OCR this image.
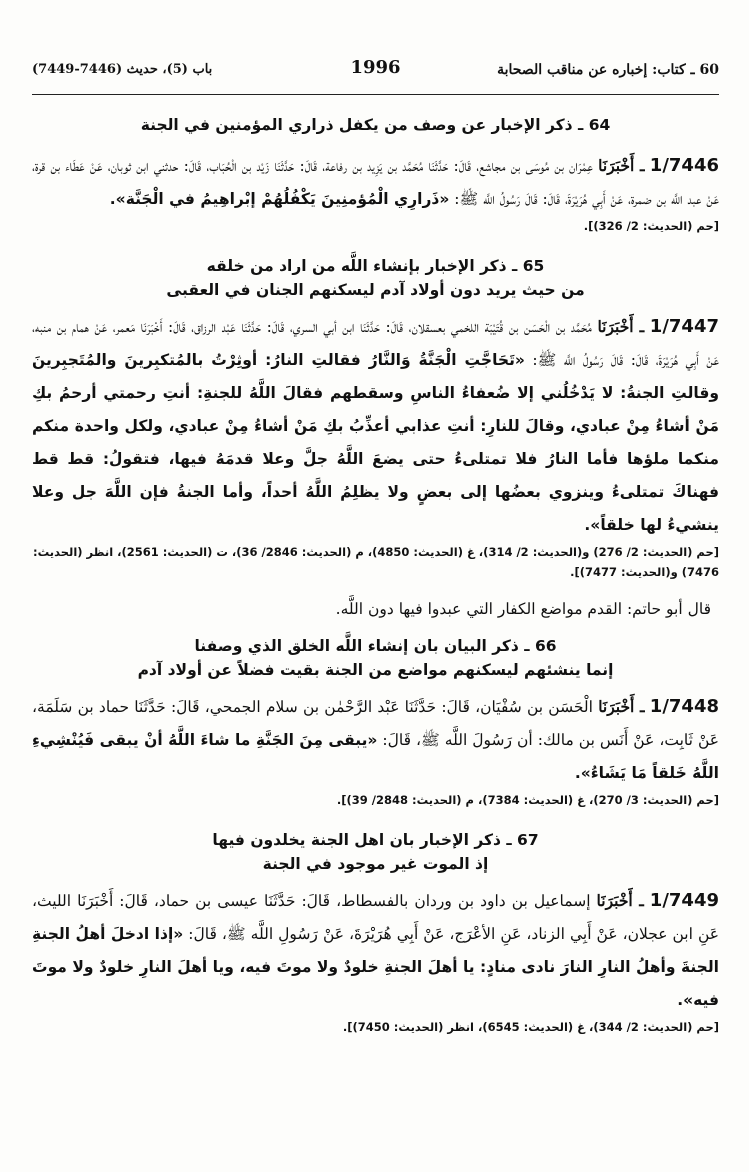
60 ـ كتاب: إخباره عن مناقب الصحابة
1996
باب (5)، حديث (7446-7449)

64 ـ ذكر الإخبار عن وصف من يكفل ذراري المؤمنين في الجنة

1/7446 ـ أَخْبَرَنَا عِمْرَان بن مُوسَى بن مجاشع، قَالَ: حَدَّثَنَا مُحَمَّد بن يَزِيد بن رفاعة، قَالَ: حَدَّثَنَا زَيْد بن الْحُبَاب، قَالَ: حدثني ابن ثوبان، عَنْ عَطَاء بن قرة، عَنْ عبد اللَّه بن ضمرة، عَنْ أَبِي هُرَيْرَةَ، قَالَ: قَالَ رَسُولُ اللَّه ﷺ: «ذَرارِي الْمُؤمنِينَ يَكْفُلُهُمْ إبْراهِيمُ في الْجَنَّة».

[حم (الحديث: 2/ 326)].

65 ـ ذكر الإخبار بإنشاء اللَّه من اراد من خلقه

من حيث يريد دون أولاد آدم ليسكنهم الجنان في العقبى

1/7447 ـ أَخْبَرَنَا مُحَمَّد بن الْحَسَن بن قُتَيْبَة اللخمي بعسقلان، قَالَ: حَدَّثَنَا ابن أبي السري، قَالَ: حَدَّثَنَا عَبْد الرزاق، قَالَ: أَخْبَرَنَا مَعمر، عَنْ همام بن منبه، عَنْ أَبِي هُرَيْرَةَ، قَالَ: قَالَ رَسُولُ اللَّه ﷺ: «تَحَاجَّتِ الْجَنَّةُ وَالنَّارُ فقالتِ النارُ: أوثِرْتُ بالمُتكبِرينَ والمُتَجبِرينَ وقالتِ الجنةُ: لا يَدْخُلُني إلا ضُعفاءُ الناسِ وسقطهم فقالَ اللَّهُ للجنةِ: أنتِ رحمتي أرحمُ بكِ مَنْ أشاءُ مِنْ عبادي، وقالَ للنارِ: أنتِ عذابي أعذِّبُ بكِ مَنْ أشاءُ مِنْ عبادي، ولكل واحدة منكم منكما ملؤها فأما النارُ فلا تمتلىءُ حتى يضعَ اللَّهُ جلَّ وعلا قدمَهُ فيها، فتقولُ: قط قط فهناكَ تمتلىءُ وينزوي بعضُها إلى بعضٍ ولا يظلِمُ اللَّهُ أحداً، وأما الجنةُ فإن اللَّهَ جل وعلا ينشيءُ لها خلقاً».

[حم (الحديث: 2/ 276) و(الحديث: 2/ 314)، غ (الحديث: 4850)، م (الحديث: 2846/ 36)، ت (الحديث: 2561)، انظر (الحديث: 7476) و(الحديث: 7477)].

قال أبو حاتم: القدم مواضع الكفار التي عبدوا فيها دون اللَّه.

66 ـ ذكر البيان بان إنشاء اللَّه الخلق الذي وصفنا

إنما ينشئهم ليسكنهم مواضع من الجنة بقيت فضلاً عن أولاد آدم

1/7448 ـ أَخْبَرَنَا الْحَسَن بن سُفْيَان، قَالَ: حَدَّثَنَا عَبْد الرَّحْمٰن بن سلام الجمحي، قَالَ: حَدَّثَنَا حماد بن سَلَمَة، عَنْ ثَابِت، عَنْ أَنَس بن مالك: أن رَسُولَ اللَّه ﷺ، قَالَ: «يبقى مِنَ الجَنَّةِ ما شاءَ اللَّهُ أنْ يبقى فَيُنْشِيءِ اللَّهُ خَلقاً مَا يَشَاءُ».

[حم (الحديث: 3/ 270)، غ (الحديث: 7384)، م (الحديث: 2848/ 39)].

67 ـ ذكر الإخبار بان اهل الجنة يخلدون فيها

إذ الموت غير موجود في الجنة

1/7449 ـ أَخْبَرَنَا إسماعيل بن داود بن وردان بالفسطاط، قَالَ: حَدَّثَنَا عيسى بن حماد، قَالَ: أَخْبَرَنَا الليث، عَنِ ابن عجلان، عَنْ أَبِي الزناد، عَنِ الأعْرَج، عَنْ أَبِي هُرَيْرَةَ، عَنْ رَسُولِ اللَّه ﷺ، قَالَ: «إذا ادخلَ أهلُ الجنةِ الجنةَ وأهلُ النارِ النارَ نادى منادٍ: يا أهلَ الجنةِ خلودٌ ولا موتَ فيه، ويا أهلَ النارِ خلودٌ ولا موتَ فيه».

[حم (الحديث: 2/ 344)، غ (الحديث: 6545)، انظر (الحديث: 7450)].
